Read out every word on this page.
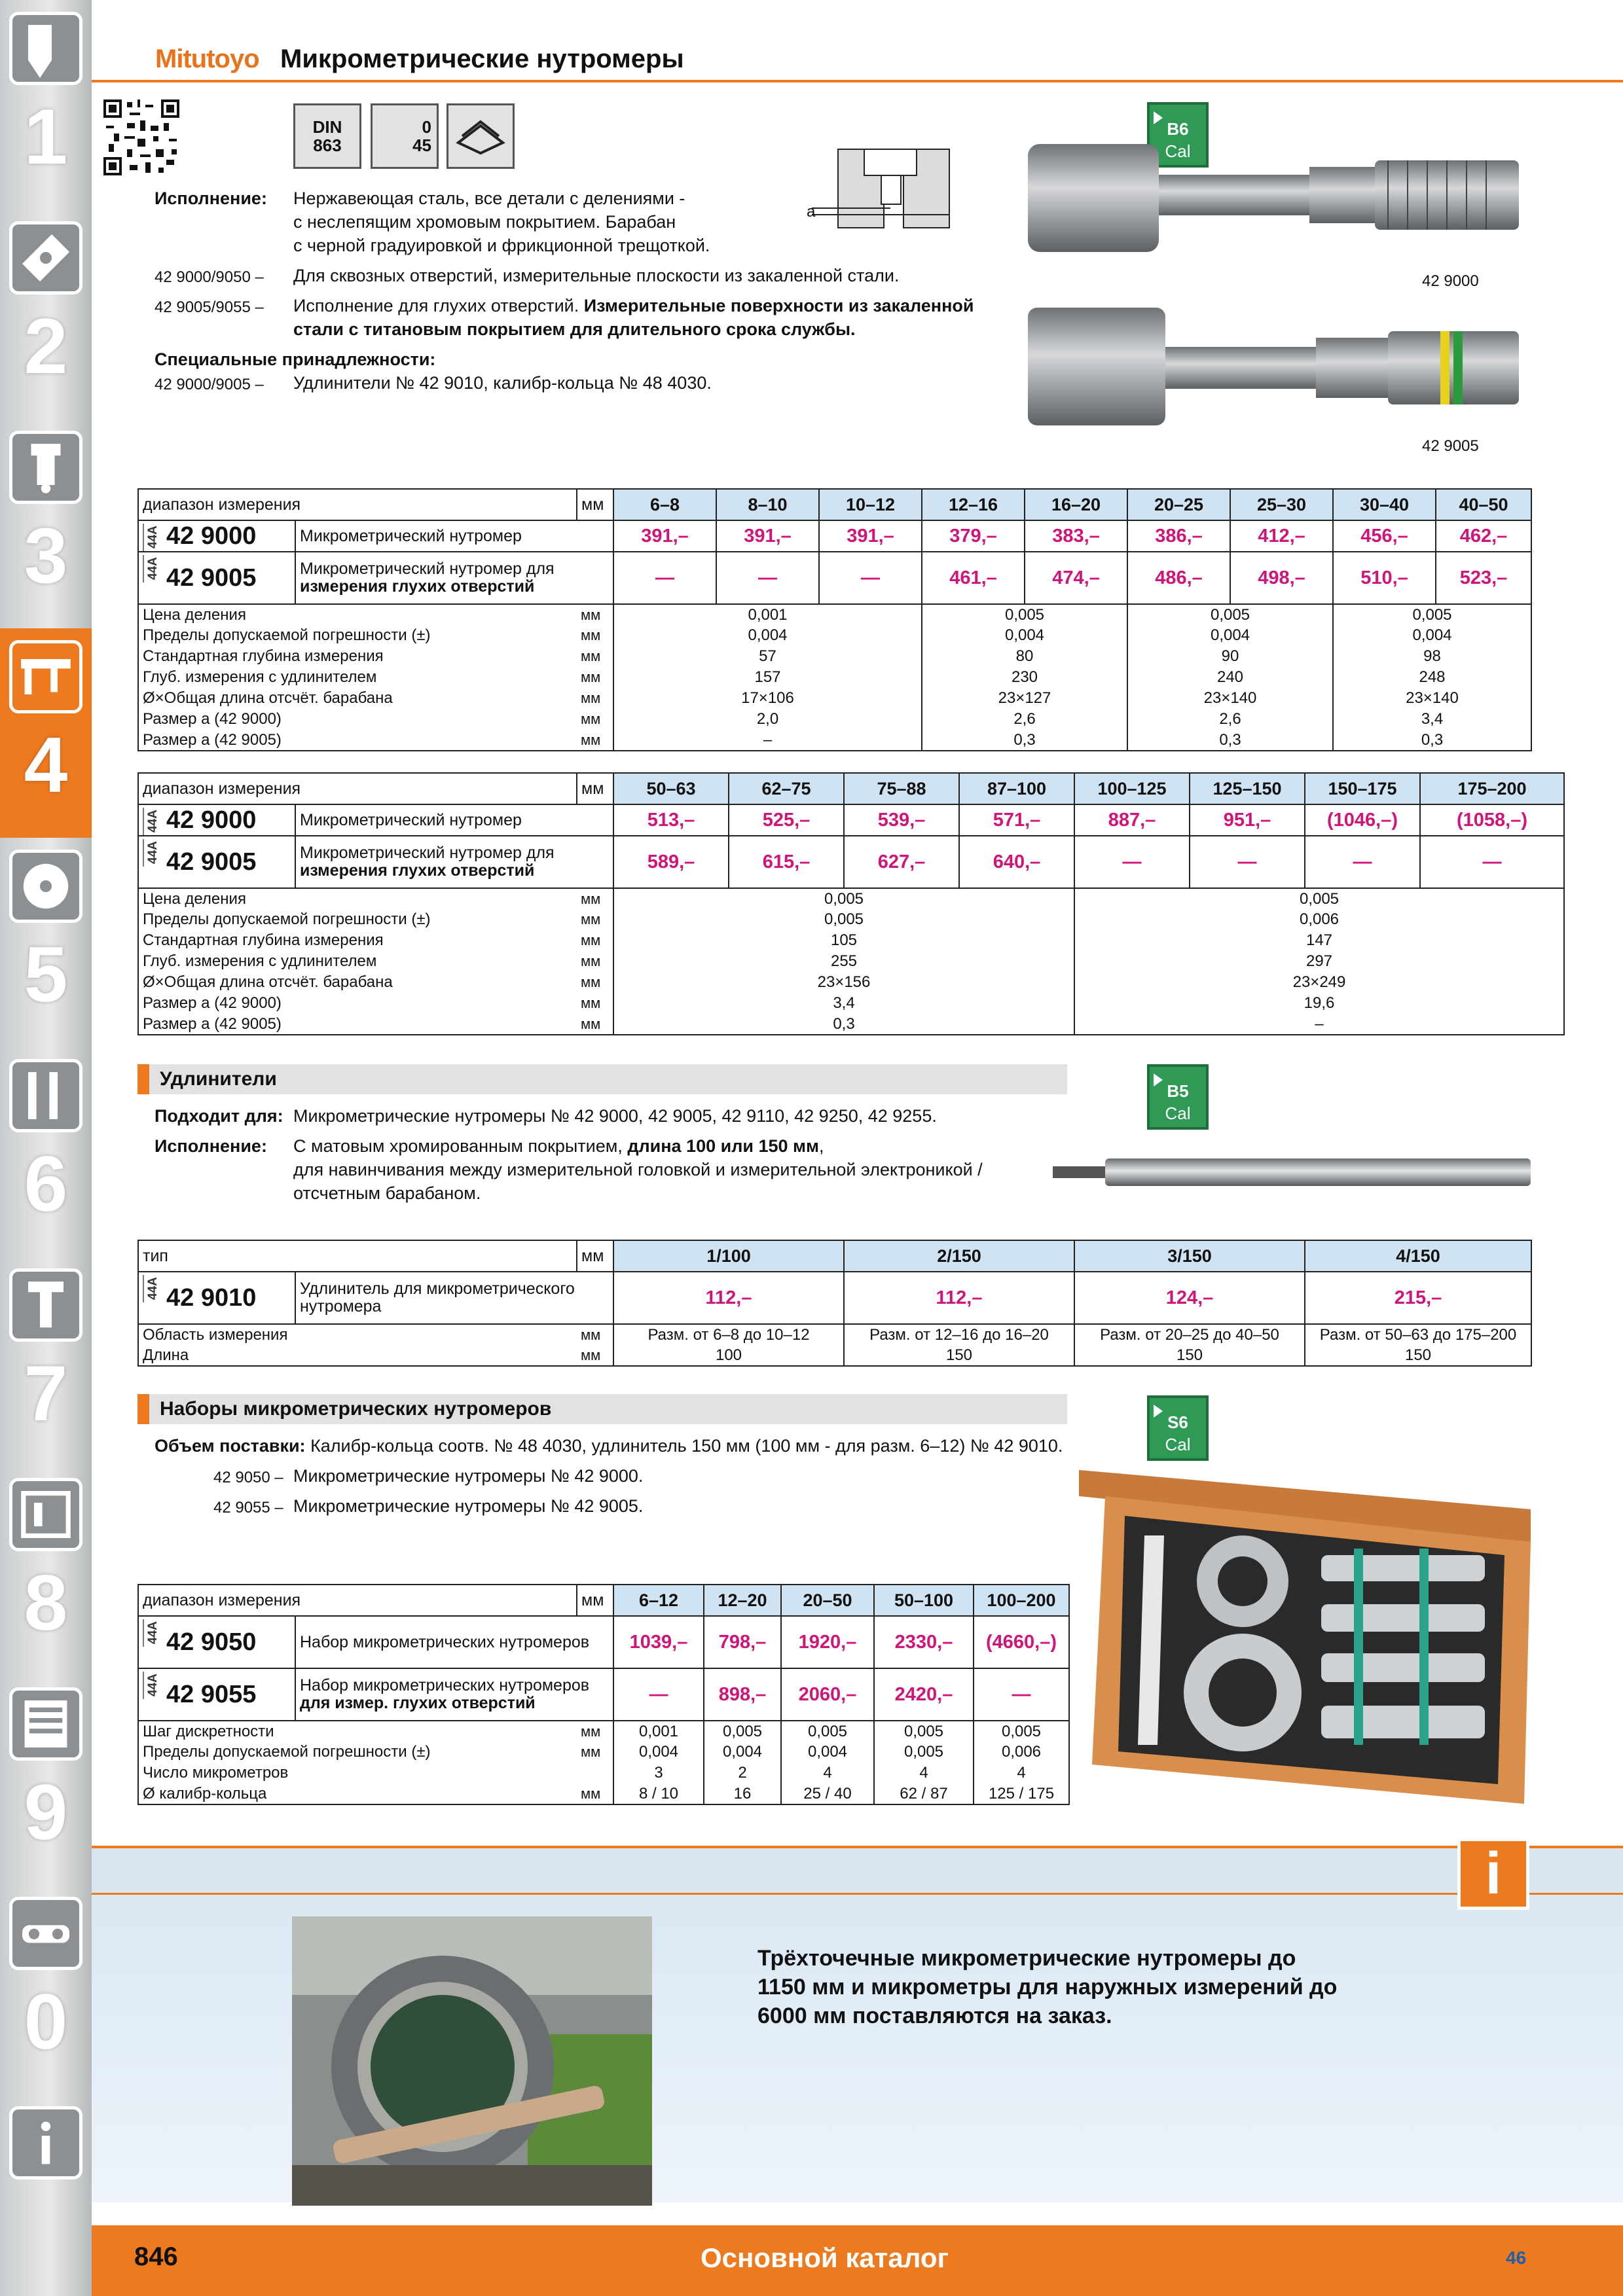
1
2
3
4
5
6
7
8
9
0
Mitutoyo Микрометрические нутромеры
DIN
863
0
45
a
Исполнение: Нержавеющая сталь, все детали с делениями -
с неслепящим хромовым покрытием. Барабан
с черной градуировкой и фрикционной трещоткой.
42 9000/9050 – Для сквозных отверстий, измерительные плоскости из закаленной стали.
42 9005/9055 – Исполнение для глухих отверстий. Измерительные поверхности из закаленной
стали с титановым покрытием для длительного срока службы.
Специальные принадлежности:
42 9000/9005 – Удлинители № 42 9010, калибр-кольца № 48 4030.
B6
Cal
42 9000
42 9005
диапазон измерения		мм	6–8	8–10	10–12	12–16	16–20	20–25	25–30	30–40	40–50

44A 42 9000	Микрометрический нутромер		391,–	391,–	391,–	379,–	383,–	386,–	412,–	456,–	462,–

44A 42 9005	Микрометрический нутромер для
измерения глухих отверстий		—	—	—	461,–	474,–	486,–	498,–	510,–	523,–
Цена деления		мм	0,001			0,005		0,005		0,005	
Пределы допускаемой погрешности (±)		мм	0,004			0,004		0,004		0,004	
Стандартная глубина измерения		мм	57			80		90		98	
Глуб. измерения с удлинителем		мм	157			230		240		248	
Ø×Общая длина отсчёт. барабана		мм	17×106			23×127		23×140		23×140	
Размер a (42 9000)		мм	2,0			2,6		2,6		3,4	
Размер a (42 9005)		мм	–			0,3		0,3		0,3	
диапазон измерения		мм	50–63	62–75	75–88	87–100	100–125	125–150	150–175	175–200

44A 42 9000	Микрометрический нутромер		513,–	525,–	539,–	571,–	887,–	951,–	(1046,–)	(1058,–)

44A 42 9005	Микрометрический нутромер для
измерения глухих отверстий		589,–	615,–	627,–	640,–	—	—	—	—
Цена деления		мм	0,005				0,005			
Пределы допускаемой погрешности (±)		мм	0,005				0,006			
Стандартная глубина измерения		мм	105				147			
Глуб. измерения с удлинителем		мм	255				297			
Ø×Общая длина отсчёт. барабана		мм	23×156				23×249			
Размер a (42 9000)		мм	3,4				19,6			
Размер a (42 9005)		мм	0,3				–			
Удлинители
B5
Cal
Подходит для: Микрометрические нутромеры № 42 9000, 42 9005, 42 9110, 42 9250, 42 9255.
Исполнение: С матовым хромированным покрытием, длина 100 или 150 мм,
для навинчивания между измерительной головкой и измерительной электроникой /
отсчетным барабаном.
тип		мм	1/100	2/150	3/150	4/150

44A 42 9010	Удлинитель для микрометрического нутромера		112,–	112,–	124,–	215,–
Область измерения		мм	Разм. от 6–8 до 10–12	Разм. от 12–16 до 16–20	Разм. от 20–25 до 40–50	Разм. от 50–63 до 175–200
Длина		мм	100	150	150	150
Наборы микрометрических нутромеров
S6
Cal
Объем поставки: Калибр-кольца соотв. № 48 4030, удлинитель 150 мм (100 мм - для разм. 6–12) № 42 9010.
42 9050 – Микрометрические нутромеры № 42 9000.
42 9055 – Микрометрические нутромеры № 42 9005.
диапазон измерения		мм	6–12	12–20	20–50	50–100	100–200

44A 42 9050	Набор микрометрических нутромеров		1039,–	798,–	1920,–	2330,–	(4660,–)

44A 42 9055	Набор микрометрических нутромеров
для измер. глухих отверстий		—	898,–	2060,–	2420,–	—
Шаг дискретности		мм	0,001	0,005	0,005	0,005	0,005
Пределы допускаемой погрешности (±)		мм	0,004	0,004	0,004	0,005	0,006
Число микрометров			3	2	4	4	4
Ø калибр-кольца		мм	8 / 10	16	25 / 40	62 / 87	125 / 175
i
Трёхточечные микрометрические нутромеры до
1150 мм и микрометры для наружных измерений до
6000 мм поставляются на заказ.
846	Основной каталог	46
